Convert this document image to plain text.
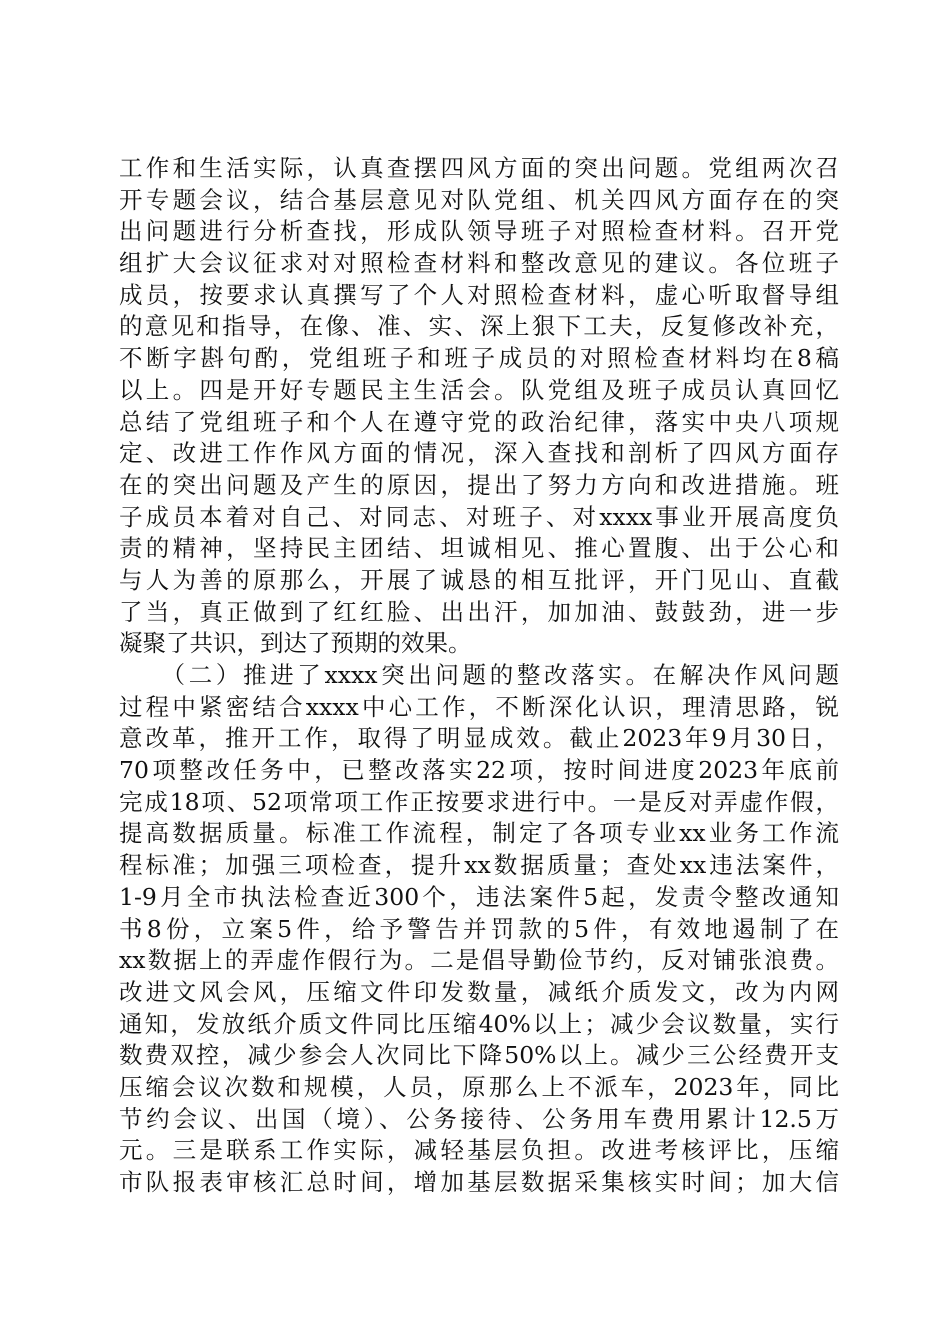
工作和生活实际，认真查摆四风方面的突出问题。党组两次召
开专题会议，结合基层意见对队党组、机关四风方面存在的突
出问题进行分析查找，形成队领导班子对照检查材料。召开党
组扩大会议征求对对照检查材料和整改意见的建议。各位班子
成员，按要求认真撰写了个人对照检查材料，虚心听取督导组
的意见和指导，在像、准、实、深上狠下工夫，反复修改补充，
不断字斟句酌，党组班子和班子成员的对照检查材料均在8稿
以上。四是开好专题民主生活会。队党组及班子成员认真回忆
总结了党组班子和个人在遵守党的政治纪律，落实中央八项规
定、改进工作作风方面的情况，深入查找和剖析了四风方面存
在的突出问题及产生的原因，提出了努力方向和改进措施。班
子成员本着对自己、对同志、对班子、对xxxx事业开展高度负
责的精神，坚持民主团结、坦诚相见、推心置腹、出于公心和
与人为善的原那么，开展了诚恳的相互批评，开门见山、直截
了当，真正做到了红红脸、出出汗，加加油、鼓鼓劲，进一步
凝聚了共识，到达了预期的效果。
　　（二）推进了xxxx突出问题的整改落实。在解决作风问题
过程中紧密结合xxxx中心工作，不断深化认识，理清思路，锐
意改革，推开工作，取得了明显成效。截止2023年9月30日，
70项整改任务中，已整改落实22项，按时间进度2023年底前
完成18项、52项常项工作正按要求进行中。一是反对弄虚作假，
提高数据质量。标准工作流程，制定了各项专业xx业务工作流
程标准；加强三项检查，提升xx数据质量；查处xx违法案件，
1-9月全市执法检查近300个，违法案件5起，发责令整改通知
书8份，立案5件，给予警告并罚款的5件，有效地遏制了在
xx数据上的弄虚作假行为。二是倡导勤俭节约，反对铺张浪费。
改进文风会风，压缩文件印发数量，减纸介质发文，改为内网
通知，发放纸介质文件同比压缩40%以上；减少会议数量，实行
数费双控，减少参会人次同比下降50%以上。减少三公经费开支
压缩会议次数和规模，人员，原那么上不派车，2023年，同比
节约会议、出国（境）、公务接待、公务用车费用累计12.5万
元。三是联系工作实际，减轻基层负担。改进考核评比，压缩
市队报表审核汇总时间，增加基层数据采集核实时间；加大信
